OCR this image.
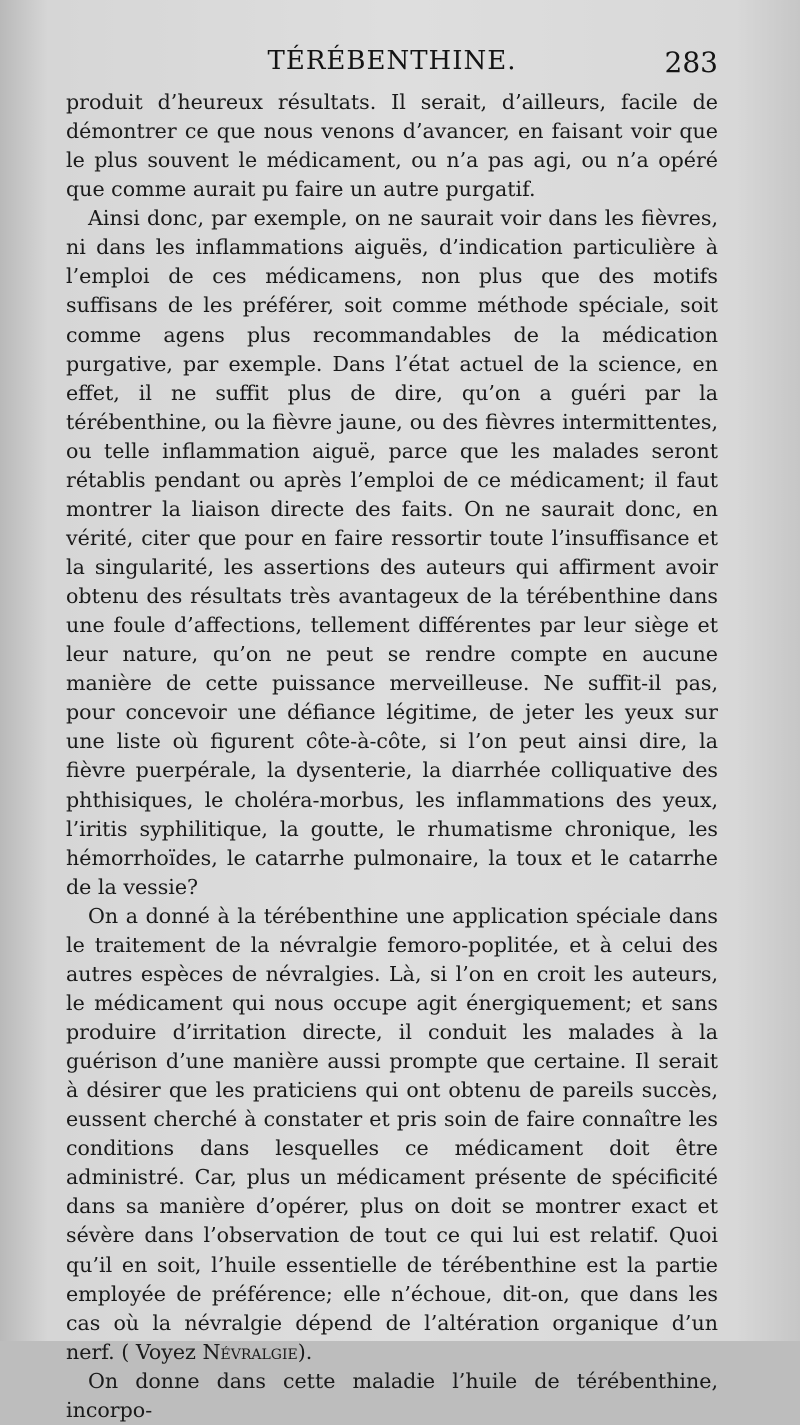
TÉRÉBENTHINE.	283

produit d’heureux résultats. Il serait, d’ailleurs, facile de démontrer ce que nous venons d’avancer, en faisant voir que le plus souvent le médicament, ou n’a pas agi, ou n’a opéré que comme aurait pu faire un autre purgatif.

Ainsi donc, par exemple, on ne saurait voir dans les fièvres, ni dans les inflammations aiguës, d’indication particulière à l’emploi de ces médicamens, non plus que des motifs suffisans de les préférer, soit comme méthode spéciale, soit comme agens plus recommandables de la médication purgative, par exemple. Dans l’état actuel de la science, en effet, il ne suffit plus de dire, qu’on a guéri par la térébenthine, ou la fièvre jaune, ou des fièvres intermittentes, ou telle inflammation aiguë, parce que les malades seront rétablis pendant ou après l’emploi de ce médicament; il faut montrer la liaison directe des faits. On ne saurait donc, en vérité, citer que pour en faire ressortir toute l’insuffisance et la singularité, les assertions des auteurs qui affirment avoir obtenu des résultats très avantageux de la térébenthine dans une foule d’affections, tellement différentes par leur siège et leur nature, qu’on ne peut se rendre compte en aucune manière de cette puissance merveilleuse. Ne suffit-il pas, pour concevoir une défiance légitime, de jeter les yeux sur une liste où figurent côte-à-côte, si l’on peut ainsi dire, la fièvre puerpérale, la dysenterie, la diarrhée colliquative des phthisiques, le choléra-morbus, les inflammations des yeux, l’iritis syphilitique, la goutte, le rhumatisme chronique, les hémorrhoïdes, le catarrhe pulmonaire, la toux et le catarrhe de la vessie?

On a donné à la térébenthine une application spéciale dans le traitement de la névralgie femoro-poplitée, et à celui des autres espèces de névralgies. Là, si l’on en croit les auteurs, le médicament qui nous occupe agit énergiquement; et sans produire d’irritation directe, il conduit les malades à la guérison d’une manière aussi prompte que certaine. Il serait à désirer que les praticiens qui ont obtenu de pareils succès, eussent cherché à constater et pris soin de faire connaître les conditions dans lesquelles ce médicament doit être administré. Car, plus un médicament présente de spécificité dans sa manière d’opérer, plus on doit se montrer exact et sévère dans l’observation de tout ce qui lui est relatif. Quoi qu’il en soit, l’huile essentielle de térébenthine est la partie employée de préférence; elle n’échoue, dit-on, que dans les cas où la névralgie dépend de l’altération organique d’un nerf. ( Voyez Névralgie).

On donne dans cette maladie l’huile de térébenthine, incorpo-
